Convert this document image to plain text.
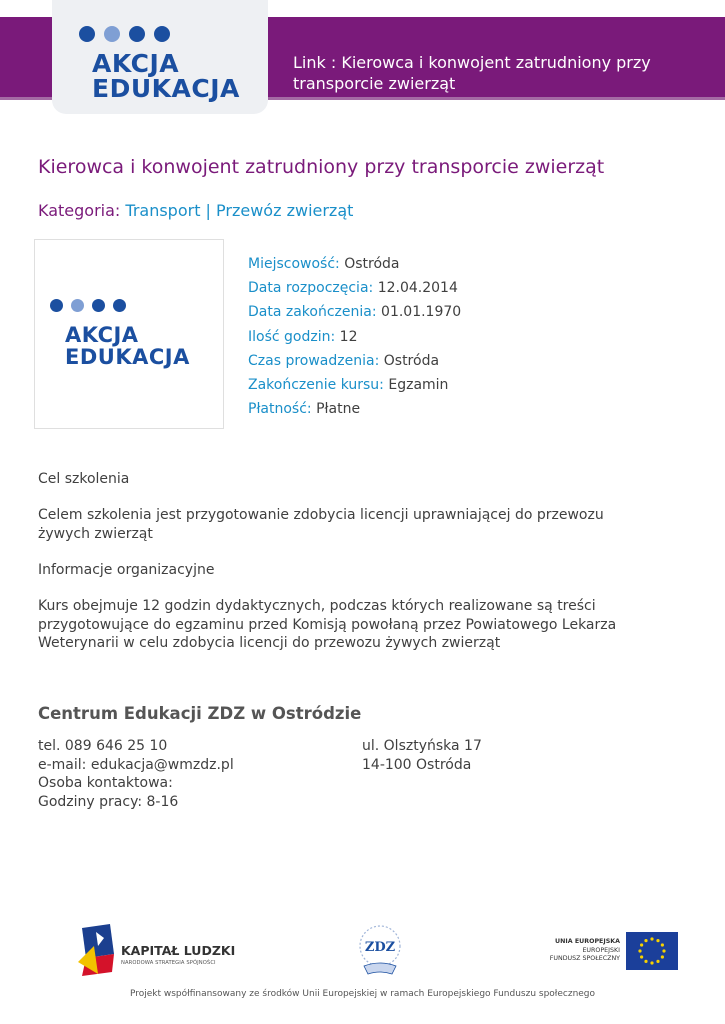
AKCJA
EDUKACJA
Link : Kierowca i konwojent zatrudniony przy transporcie zwierząt
Kierowca i konwojent zatrudniony przy transporcie zwierząt
Kategoria: Transport | Przewóz zwierząt
AKCJA
EDUKACJA
Miejscowość: Ostróda
Data rozpoczęcia: 12.04.2014
Data zakończenia: 01.01.1970
Ilość godzin: 12
Czas prowadzenia: Ostróda
Zakończenie kursu: Egzamin
Płatność: Płatne
Cel szkolenia
Celem szkolenia jest przygotowanie zdobycia licencji uprawniającej do przewozu żywych zwierząt
Informacje organizacyjne
Kurs obejmuje 12 godzin dydaktycznych, podczas których realizowane są treści przygotowujące do egzaminu przed Komisją powołaną przez Powiatowego Lekarza Weterynarii w celu zdobycia licencji do przewozu żywych zwierząt
Centrum Edukacji ZDZ w Ostródzie
tel. 089 646 25 10
e-mail: edukacja@wmzdz.pl
Osoba kontaktowa:
Godziny pracy: 8-16
ul. Olsztyńska 17
14-100 Ostróda
KAPITAŁ LUDZKI
NARODOWA STRATEGIA SPÓJNOŚCI
ZDZ	UNIA EUROPEJSKA
EUROPEJSKI
FUNDUSZ SPOŁECZNY
Projekt współfinansowany ze środków Unii Europejskiej w ramach Europejskiego Funduszu społecznego
